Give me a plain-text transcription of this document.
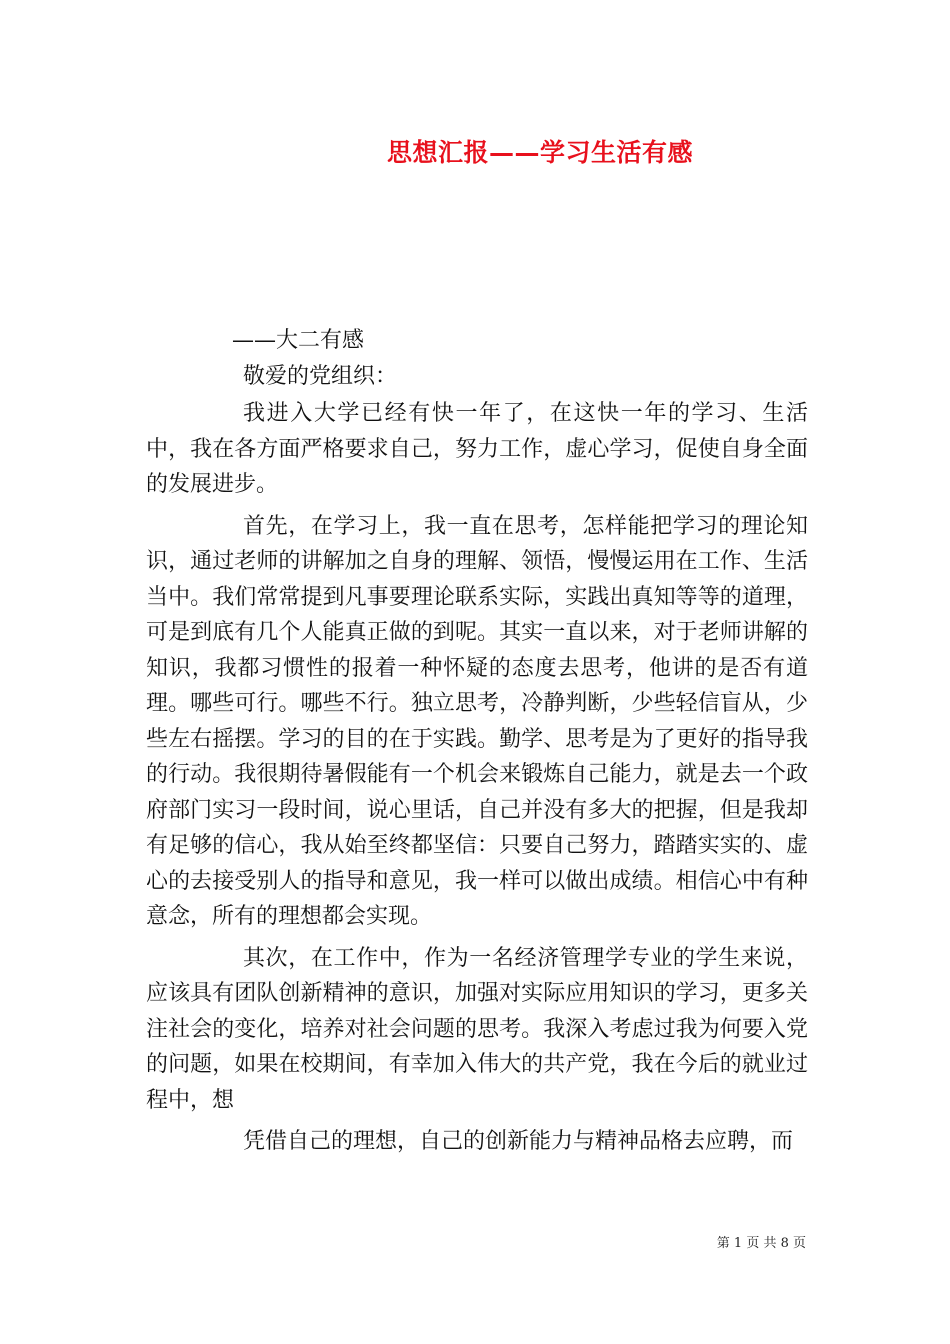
思想汇报——学习生活有感
——大二有感
敬爱的党组织：

我进入大学已经有快一年了，在这快一年的学习、生活中，我在各方面严格要求自己，努力工作，虚心学习，促使自身全面的发展进步。

首先，在学习上，我一直在思考，怎样能把学习的理论知识，通过老师的讲解加之自身的理解、领悟，慢慢运用在工作、生活当中。我们常常提到凡事要理论联系实际，实践出真知等等的道理，可是到底有几个人能真正做的到呢。其实一直以来，对于老师讲解的知识，我都习惯性的报着一种怀疑的态度去思考，他讲的是否有道理。哪些可行。哪些不行。独立思考，冷静判断，少些轻信盲从，少些左右摇摆。学习的目的在于实践。勤学、思考是为了更好的指导我的行动。我很期待暑假能有一个机会来锻炼自己能力，就是去一个政府部门实习一段时间，说心里话，自己并没有多大的把握，但是我却有足够的信心，我从始至终都坚信：只要自己努力，踏踏实实的、虚心的去接受别人的指导和意见，我一样可以做出成绩。相信心中有种意念，所有的理想都会实现。

其次，在工作中，作为一名经济管理学专业的学生来说，应该具有团队创新精神的意识，加强对实际应用知识的学习，更多关注社会的变化，培养对社会问题的思考。我深入考虑过我为何要入党的问题，如果在校期间，有幸加入伟大的共产党，我在今后的就业过程中，想

凭借自己的理想，自己的创新能力与精神品格去应聘，而

第 1 页 共 8 页
